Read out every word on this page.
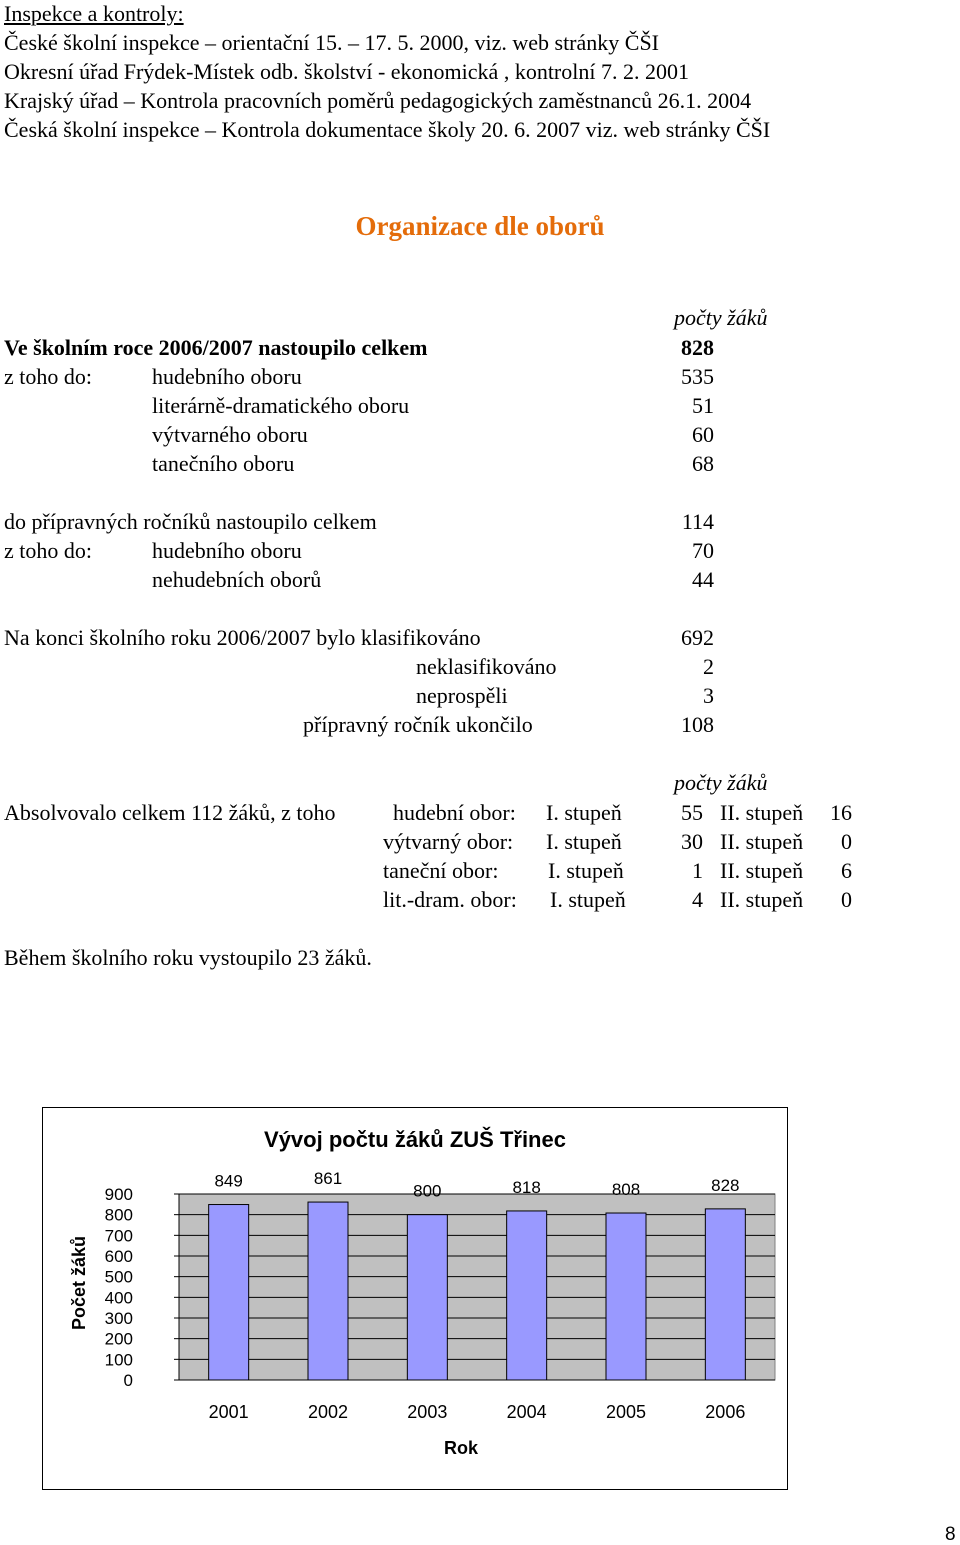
Inspekce a kontroly:
České školní inspekce – orientační 15. – 17. 5. 2000, viz. web stránky ČŠI
Okresní úřad Frýdek-Místek odb. školství - ekonomická , kontrolní 7. 2. 2001
Krajský úřad – Kontrola pracovních poměrů pedagogických zaměstnanců 26.1. 2004
Česká školní inspekce – Kontrola dokumentace školy 20. 6. 2007 viz. web stránky ČŠI
Organizace dle oborů
počty žáků
Ve školním roce 2006/2007 nastoupilo celkem	828
z toho do:	hudebního oboru	535
literárně-dramatického oboru	51
výtvarného oboru	60
tanečního oboru	68
do přípravných ročníků nastoupilo celkem	114
z toho do:	hudebního oboru	70
nehudebních oborů	44
Na konci školního roku 2006/2007 bylo klasifikováno	692
neklasifikováno	2
neprospěli	3
přípravný ročník ukončilo	108
počty žáků
Absolvovalo celkem 112 žáků, z toho	hudební obor: I. stupeň	55 II. stupeň	16
výtvarný obor: I. stupeň	30 II. stupeň	0
taneční obor: I. stupeň	1 II. stupeň	6
lit.-dram. obor: I. stupeň	4 II. stupeň	0
Během školního roku vystoupilo 23 žáků.
Vývoj počtu žáků ZUŠ Třinec
0
100
200
300
400
500
600
700
800
900
849
2001
861
2002
800
2003
818
2004
808
2005
828
2006
Rok
Počet žáků
8
